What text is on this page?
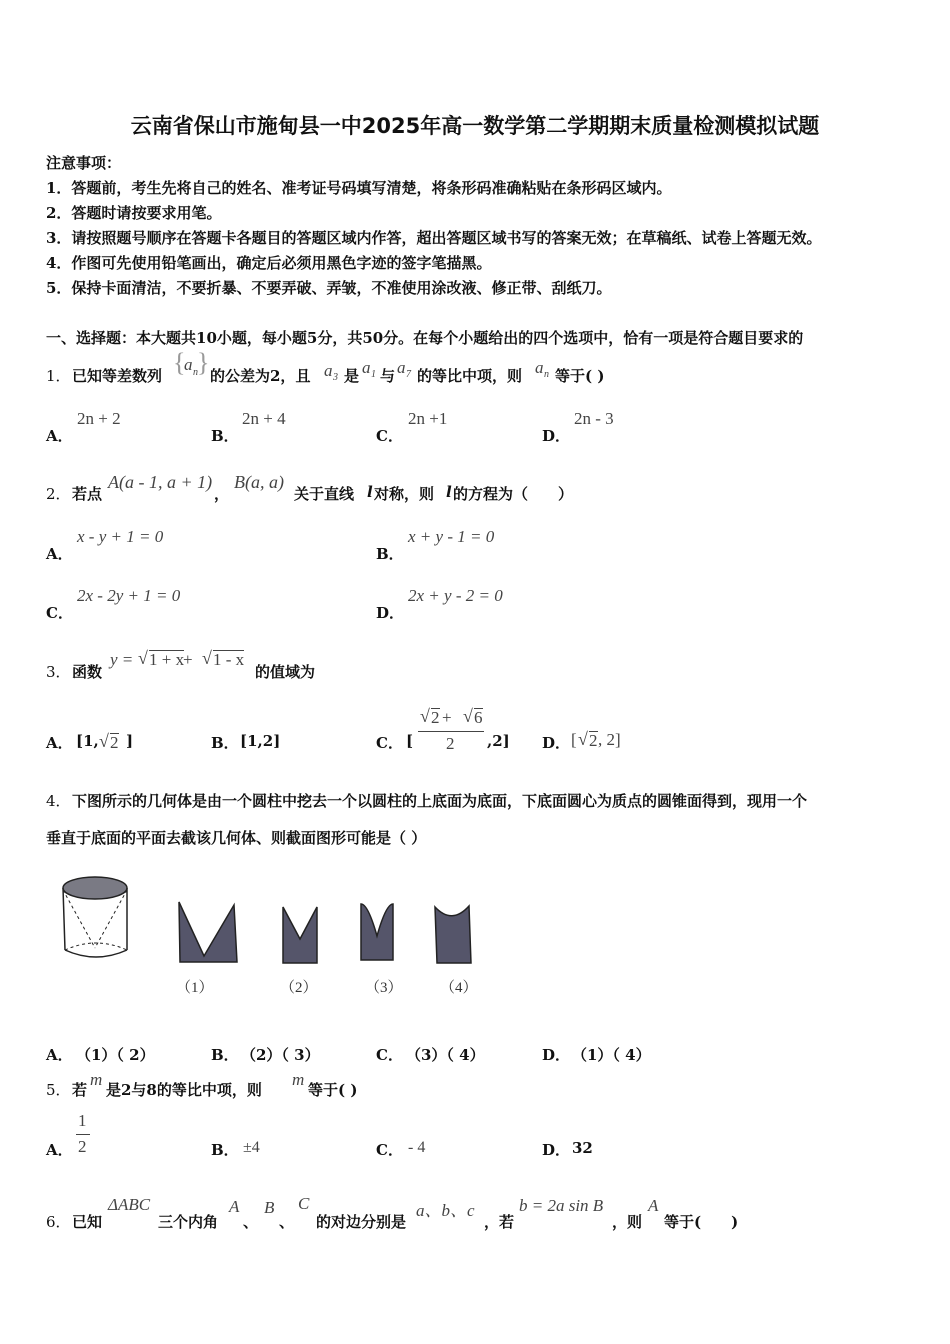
云南省保山市施甸县一中2025年高一数学第二学期期末质量检测模拟试题
注意事项：
1．答题前，考生先将自己的姓名、准考证号码填写清楚，将条形码准确粘贴在条形码区域内。
2．答题时请按要求用笔。
3．请按照题号顺序在答题卡各题目的答题区域内作答，超出答题区域书写的答案无效；在草稿纸、试卷上答题无效。
4．作图可先使用铅笔画出，确定后必须用黑色字迹的签字笔描黑。
5．保持卡面清洁，不要折暴、不要弄破、弄皱，不准使用涂改液、修正带、刮纸刀。
一、选择题：本大题共10小题，每小题5分，共50分。在每个小题给出的四个选项中，恰有一项是符合题目要求的
1． 已知等差数列 {
a n } 的公差为2，且 a 3 是 a 1 与 a 7 的等比中项，则 a n 等于( )
A．
2n + 2
B．
2n + 4
C．
2n +1
D．
2n - 3
2． 若点
A(a - 1, a + 1)
，
B(a, a)
关于直线 l 对称，则 l 的方程为（　　）
A．
x - y + 1 = 0
B．
x + y - 1 = 0
C．
2x - 2y + 1 = 0
D．
2x + y - 2 = 0
3． 函数
y = √ 1 + x
+ √ 1 - x
的值域为
A． [1, √ 2 ]	B． [1,2]	C． [
√ 2 + √ 6
2 ,2] D． [ √ 2 , 2]
4． 下图所示的几何体是由一个圆柱中挖去一个以圆柱的上底面为底面，下底面圆心为质点的圆锥面得到，现用一个
垂直于底面的平面去截该几何体、则截面图形可能是（ ）
（1）	（2）	（3） （4）
A． （1）（ 2）	B． （2）（ 3）	C． （3）（ 4）	D． （1）（ 4）
5． 若
m
是2与8的等比中项，则
m
等于( )
A．
1
2	B． ±4	C． - 4	D． 32
6． 已知
ΔABC
三个内角
A
、
B
、
C
的对边分别是
a、b、c
，若
b = 2a sin B
，则
A
等于(　　)
